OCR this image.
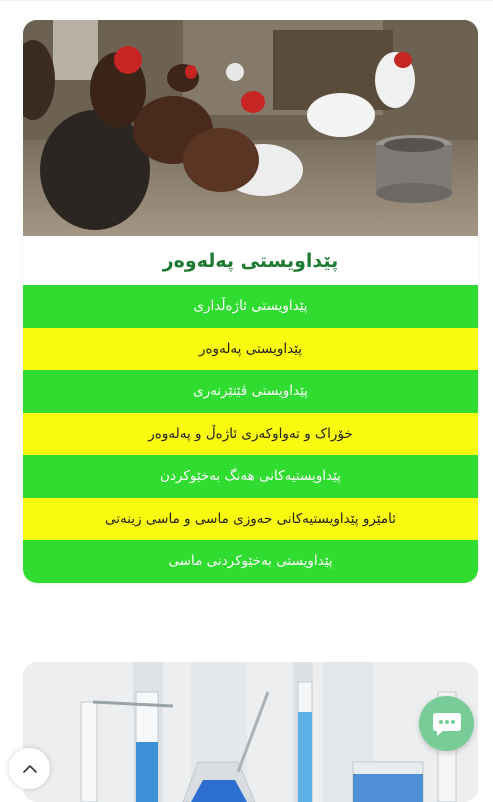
پێداویستی پەلەوەر
پێداویستی ئاژەڵداری
پێداویستی پەلەوەر
پێداویستی ڤێتێرنەری
خۆراک و تەواوکەری ئاژەڵ و پەلەوەر
پێداویستیەکانی هەنگ بەخێوکردن
ئامێرو پێداویستیەکانی حەوزی ماسی و ماسی زینەتی
پێداویستی بەخێوکردنی ماسی
